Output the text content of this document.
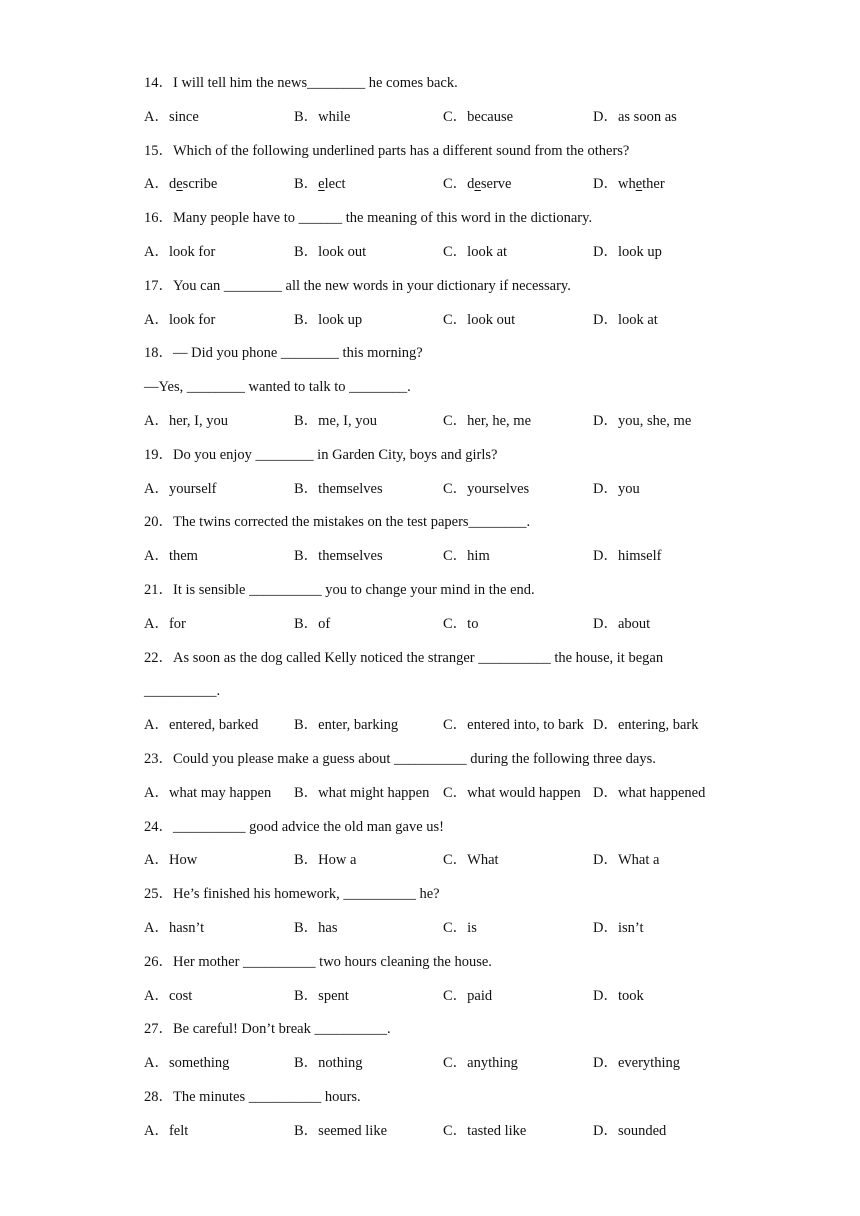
14．I will tell him the news________ he comes back.
A．since	B．while	C．because	D．as soon as
15．Which of the following underlined parts has a different sound from the others?
A．describe	B．elect	C．deserve	D．whether
16．Many people have to ______ the meaning of this word in the dictionary.
A．look for	B．look out	C．look at	D．look up
17．You can ________ all the new words in your dictionary if necessary.
A．look for	B．look up	C．look out	D．look at
18．— Did you phone ________ this morning?
—Yes, ________ wanted to talk to ________.
A．her, I, you	B．me, I, you	C．her, he, me	D．you, she, me
19．Do you enjoy ________ in Garden City, boys and girls?
A．yourself	B．themselves	C．yourselves	D．you
20．The twins corrected the mistakes on the test papers________.
A．them	B．themselves	C．him	D．himself
21．It is sensible __________ you to change your mind in the end.
A．for	B．of	C．to	D．about
22．As soon as the dog called Kelly noticed the stranger __________ the house, it began
__________.
A．entered, barked B．enter, barking	C．entered into, to bark D．entering, bark
23．Could you please make a guess about __________ during the following three days.
A．what may happen B．what might happen C．what would happen D．what happened
24．__________ good advice the old man gave us!
A．How	B．How a	C．What	D．What a
25．He’s finished his homework, __________ he?
A．hasn’t	B．has	C．is	D．isn’t
26．Her mother __________ two hours cleaning the house.
A．cost	B．spent	C．paid	D．took
27．Be careful! Don’t break __________.
A．something	B．nothing	C．anything	D．everything
28．The minutes __________ hours.
A．felt	B．seemed like	C．tasted like	D．sounded
